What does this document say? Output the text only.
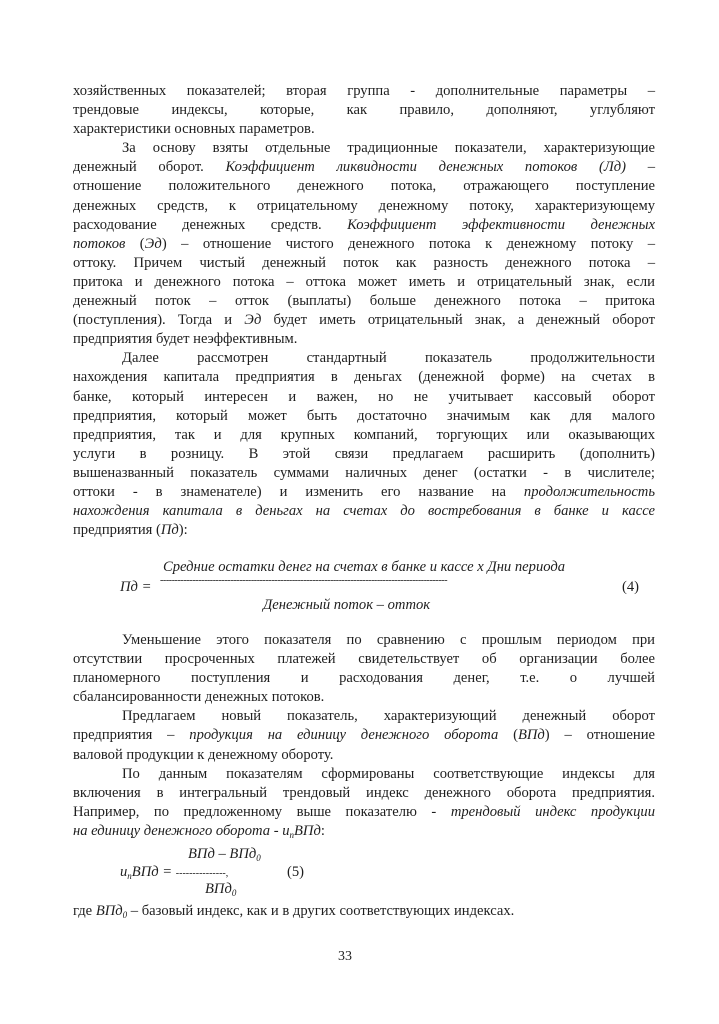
хозяйственных показателей; вторая группа - дополнительные параметры –
трендовые индексы, которые, как правило, дополняют, углубляют
характеристики основных параметров.
За основу взяты отдельные традиционные показатели, характеризующие
денежный оборот. Коэффициент ликвидности денежных потоков (Лд) –
отношение положительного денежного потока, отражающего поступление
денежных средств, к отрицательному денежному потоку, характеризующему
расходование денежных средств. Коэффициент эффективности денежных
потоков (Эд) – отношение чистого денежного потока к денежному потоку –
оттоку. Причем чистый денежный поток как разность денежного потока –
притока и денежного потока – оттока может иметь и отрицательный знак, если
денежный поток – отток (выплаты) больше денежного потока – притока
(поступления). Тогда и Эд будет иметь отрицательный знак, а денежный оборот
предприятия будет неэффективным.
Далее рассмотрен стандартный показатель продолжительности
нахождения капитала предприятия в деньгах (денежной форме) на счетах в
банке, который интересен и важен, но не учитывает кассовый оборот
предприятия, который может быть достаточно значимым как для малого
предприятия, так и для крупных компаний, торгующих или оказывающих
услуги в розницу. В этой связи предлагаем расширить (дополнить)
вышеназванный показатель суммами наличных денег (остатки - в числителе;
оттоки - в знаменателе) и изменить его название на продолжительность
нахождения капитала в деньгах на счетах до востребования в банке и кассе
предприятия (Пд):
Средние остатки денег на счетах в банке и кассе х Дни периода
Пд = --------------------------------------------------------------------------------------------------	(4)
Денежный поток – отток
Уменьшение этого показателя по сравнению с прошлым периодом при
отсутствии просроченных платежей свидетельствует об организации более
планомерного поступления и расходования денег, т.е. о лучшей
сбалансированности денежных потоков.
Предлагаем новый показатель, характеризующий денежный оборот
предприятия – продукция на единицу денежного оборота (ВПд) – отношение
валовой продукции к денежному обороту.
По данным показателям сформированы соответствующие индексы для
включения в интегральный трендовый индекс денежного оборота предприятия.
Например, по предложенному выше показателю - трендовый индекс продукции
на единицу денежного оборота - $и_пВПд$:
ВПд – ВПд$_0$
$и_пВПд$ = ---------------,	(5)
ВПд$_0$
где ВПд$_0$ – базовый индекс, как и в других соответствующих индексах.
33
